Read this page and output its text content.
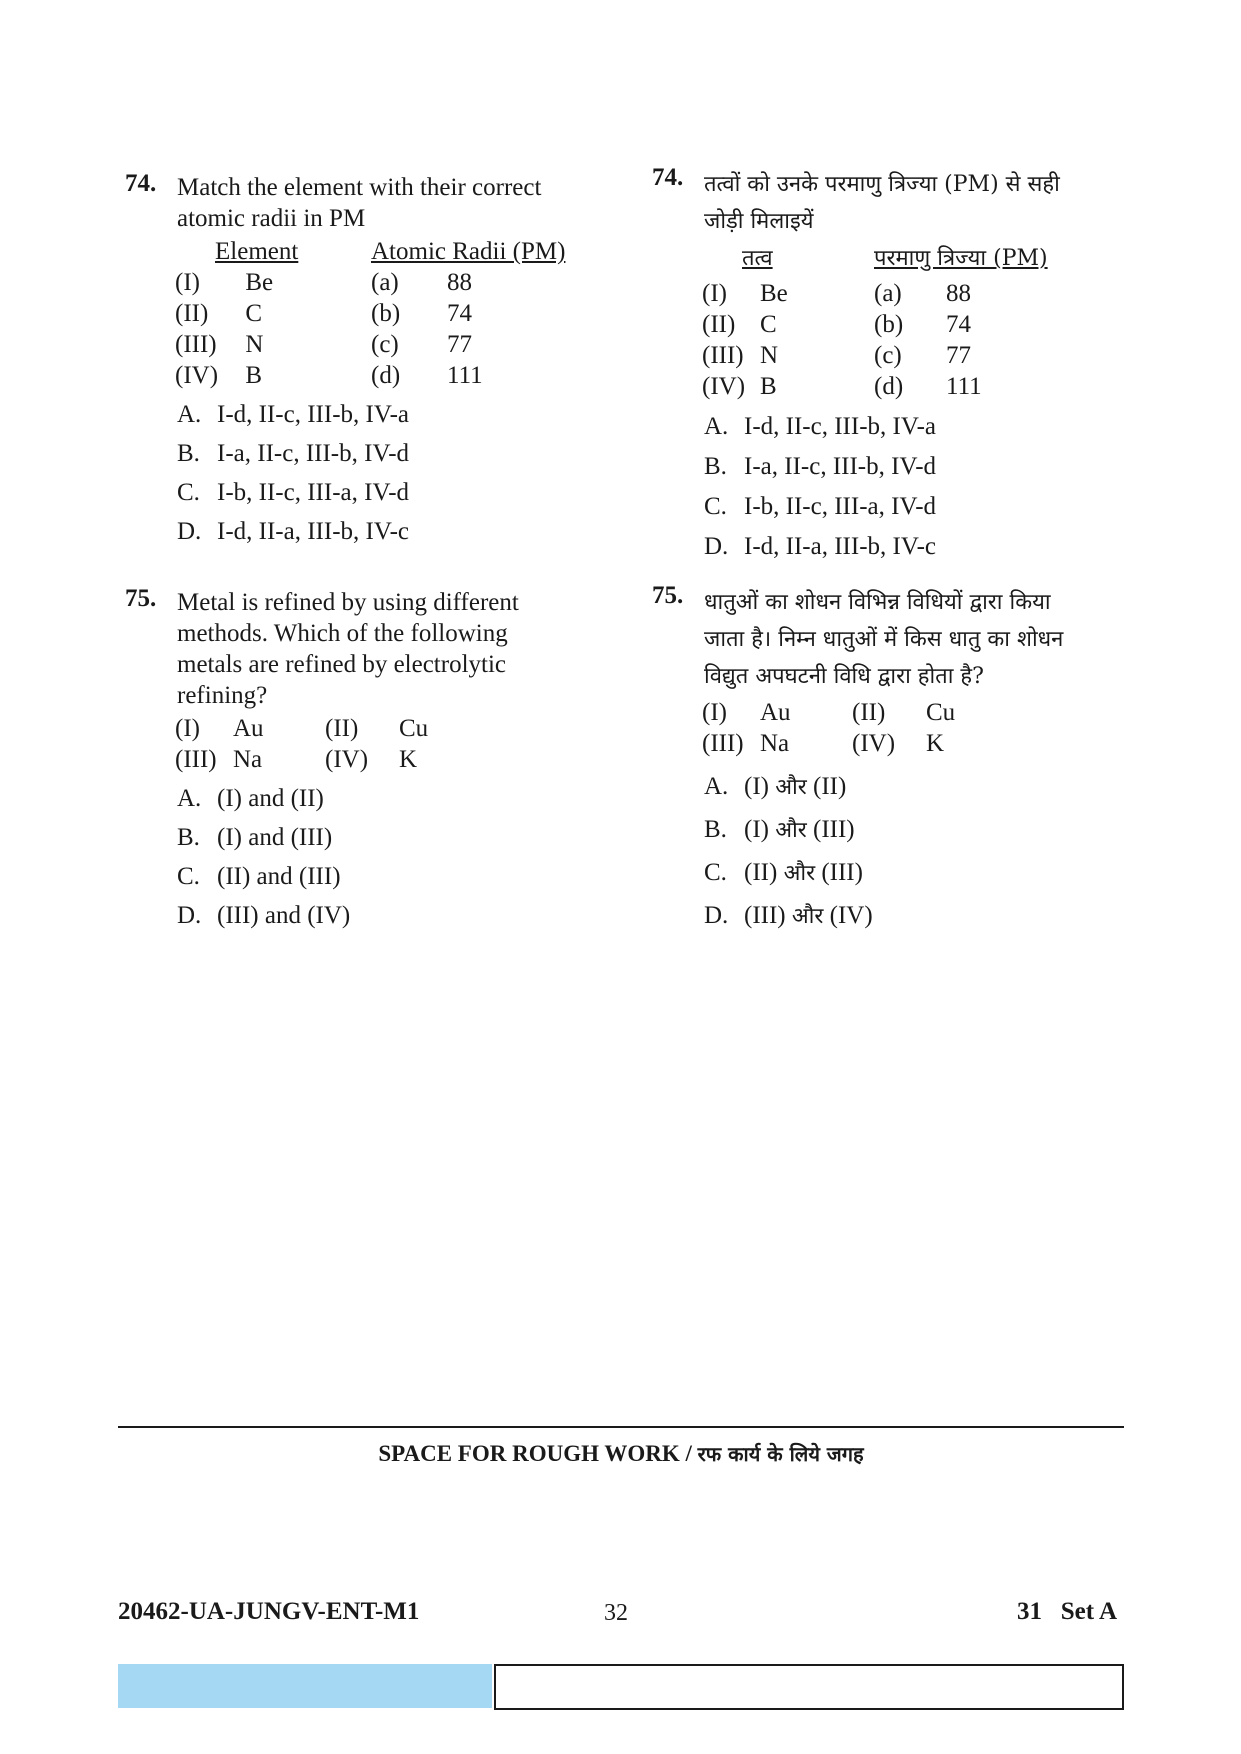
74. Match the element with their correct
atomic radii in PM

Element		Atomic Radii (PM)	
(I)	Be	(a)	88
(II)	C	(b)	74
(III)	N	(c)	77
(IV)	B	(d)	111
A. I-d, II-c, III-b, IV-a
B. I-a, II-c, III-b, IV-d
C. I-b, II-c, III-a, IV-d
D. I-d, II-a, III-b, IV-c
75. Metal is refined by using different
methods. Which of the following
metals are refined by electrolytic
refining?

(I)	Au	(II)	Cu
(III)	Na	(IV)	K
A. (I) and (II)
B. (I) and (III)
C. (II) and (III)
D. (III) and (IV)
74. तत्वों को उनके परमाणु त्रिज्या (PM) से सही
जोड़ी मिलाइयें

तत्व		परमाणु त्रिज्या (PM)	
(I)	Be	(a)	88
(II)	C	(b)	74
(III)	N	(c)	77
(IV)	B	(d)	111
A. I-d, II-c, III-b, IV-a
B. I-a, II-c, III-b, IV-d
C. I-b, II-c, III-a, IV-d
D. I-d, II-a, III-b, IV-c
75. धातुओं का शोधन विभिन्न विधियों द्वारा किया
जाता है। निम्न धातुओं में किस धातु का शोधन
विद्युत अपघटनी विधि द्वारा होता है?

(I)	Au	(II)	Cu
(III)	Na	(IV)	K
A. (I) और (II)
B. (I) और (III)
C. (II) और (III)
D. (III) और (IV)
SPACE FOR ROUGH WORK / रफ कार्य के लिये जगह
20462-UA-JUNGV-ENT-M1	32	31   Set A
